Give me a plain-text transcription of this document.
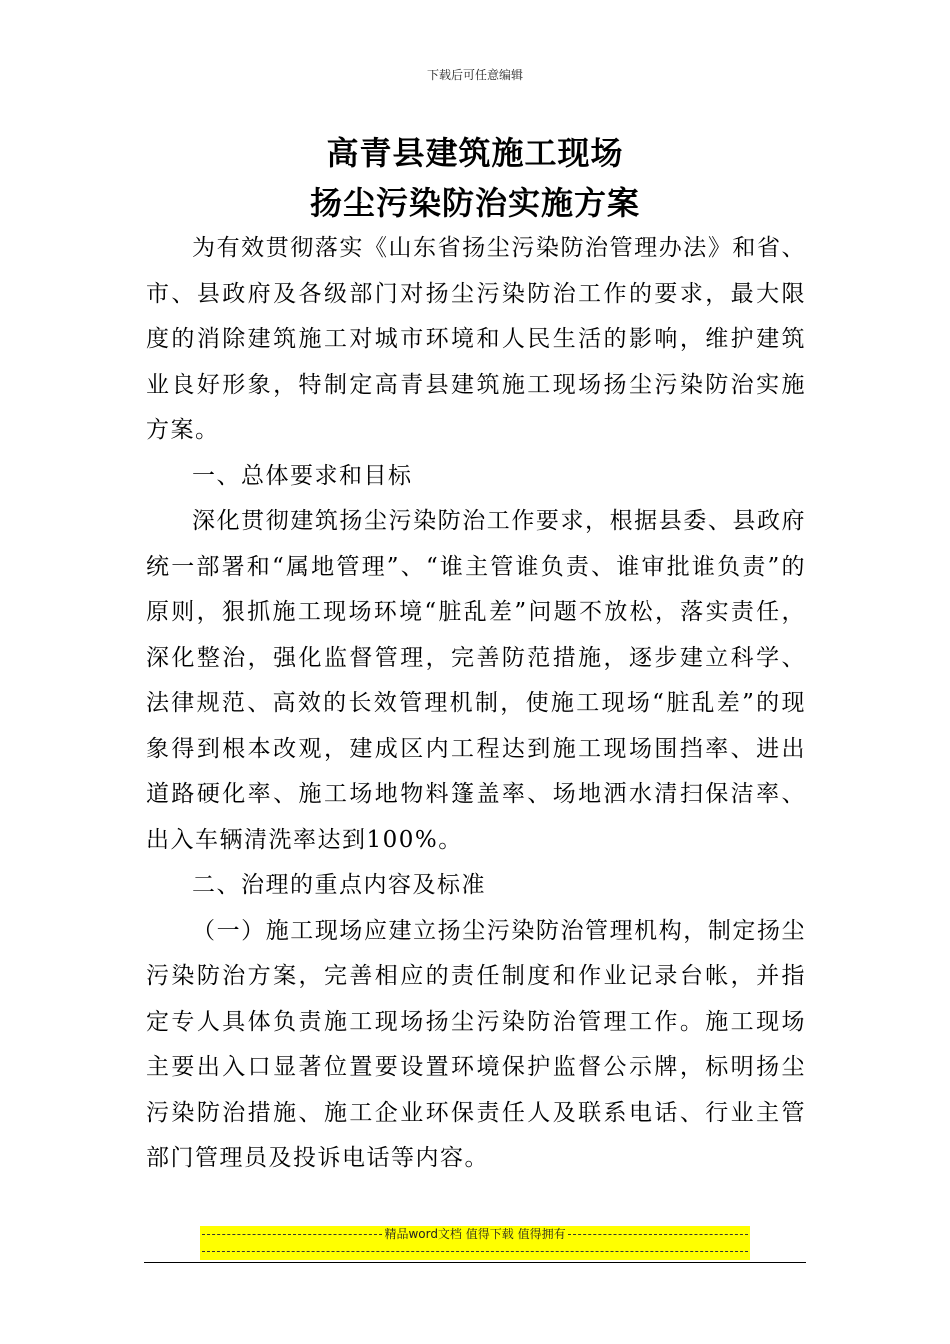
下载后可任意编辑
高青县建筑施工现场
扬尘污染防治实施方案

为有效贯彻落实《山东省扬尘污染防治管理办法》和省、市、县政府及各级部门对扬尘污染防治工作的要求，最大限度的消除建筑施工对城市环境和人民生活的影响，维护建筑业良好形象，特制定高青县建筑施工现场扬尘污染防治实施方案。

一、总体要求和目标

深化贯彻建筑扬尘污染防治工作要求，根据县委、县政府统一部署和“属地管理”、“谁主管谁负责、谁审批谁负责”的原则，狠抓施工现场环境“脏乱差”问题不放松，落实责任，深化整治，强化监督管理，完善防范措施，逐步建立科学、法律规范、高效的长效管理机制，使施工现场“脏乱差”的现象得到根本改观，建成区内工程达到施工现场围挡率、进出道路硬化率、施工场地物料篷盖率、场地洒水清扫保洁率、出入车辆清洗率达到100%。

二、治理的重点内容及标准

（一）施工现场应建立扬尘污染防治管理机构，制定扬尘污染防治方案，完善相应的责任制度和作业记录台帐，并指定专人具体负责施工现场扬尘污染防治管理工作。施工现场主要出入口显著位置要设置环境保护监督公示牌，标明扬尘污染防治措施、施工企业环保责任人及联系电话、行业主管部门管理员及投诉电话等内容。

精品word文档 值得下载 值得拥有
